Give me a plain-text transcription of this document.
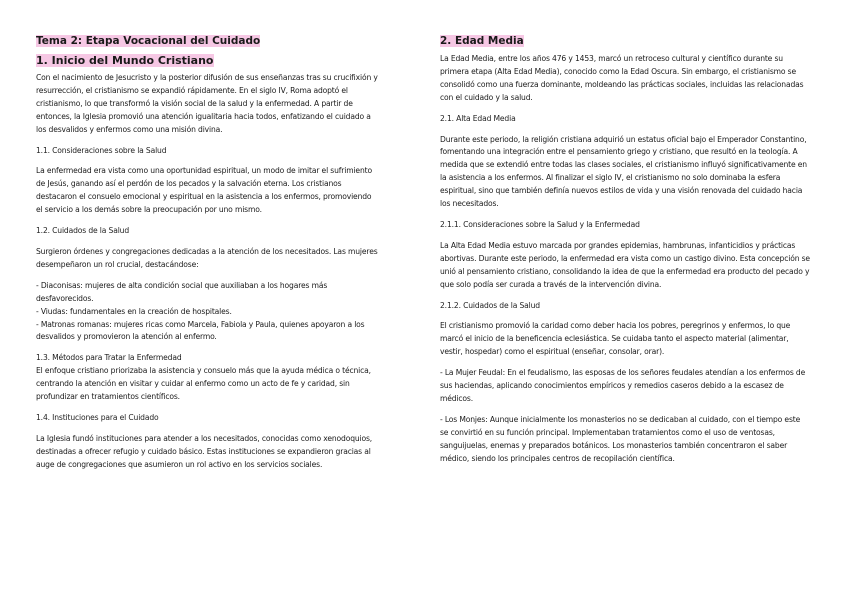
Tema 2: Etapa Vocacional del Cuidado
1. Inicio del Mundo Cristiano

Con el nacimiento de Jesucristo y la posterior difusión de sus enseñanzas tras su crucifixión y resurrección, el cristianismo se expandió rápidamente. En el siglo IV, Roma adoptó el cristianismo, lo que transformó la visión social de la salud y la enfermedad. A partir de entonces, la Iglesia promovió una atención igualitaria hacia todos, enfatizando el cuidado a los desvalidos y enfermos como una misión divina.

1.1. Consideraciones sobre la Salud

La enfermedad era vista como una oportunidad espiritual, un modo de imitar el sufrimiento de Jesús, ganando así el perdón de los pecados y la salvación eterna. Los cristianos destacaron el consuelo emocional y espiritual en la asistencia a los enfermos, promoviendo el servicio a los demás sobre la preocupación por uno mismo.

1.2. Cuidados de la Salud

Surgieron órdenes y congregaciones dedicadas a la atención de los necesitados. Las mujeres desempeñaron un rol crucial, destacándose:

- Diaconisas: mujeres de alta condición social que auxiliaban a los hogares más desfavorecidos.
- Viudas: fundamentales en la creación de hospitales.
- Matronas romanas: mujeres ricas como Marcela, Fabiola y Paula, quienes apoyaron a los desvalidos y promovieron la atención al enfermo.
1.3. Métodos para Tratar la Enfermedad

El enfoque cristiano priorizaba la asistencia y consuelo más que la ayuda médica o técnica, centrando la atención en visitar y cuidar al enfermo como un acto de fe y caridad, sin profundizar en tratamientos científicos.

1.4. Instituciones para el Cuidado

La Iglesia fundó instituciones para atender a los necesitados, conocidas como xenodoquios, destinadas a ofrecer refugio y cuidado básico. Estas instituciones se expandieron gracias al auge de congregaciones que asumieron un rol activo en los servicios sociales.

2. Edad Media

La Edad Media, entre los años 476 y 1453, marcó un retroceso cultural y científico durante su primera etapa (Alta Edad Media), conocido como la Edad Oscura. Sin embargo, el cristianismo se consolidó como una fuerza dominante, moldeando las prácticas sociales, incluidas las relacionadas con el cuidado y la salud.

2.1. Alta Edad Media

Durante este periodo, la religión cristiana adquirió un estatus oficial bajo el Emperador Constantino, fomentando una integración entre el pensamiento griego y cristiano, que resultó en la teología. A medida que se extendió entre todas las clases sociales, el cristianismo influyó significativamente en la asistencia a los enfermos. Al finalizar el siglo IV, el cristianismo no solo dominaba la esfera espiritual, sino que también definía nuevos estilos de vida y una visión renovada del cuidado hacia los necesitados.

2.1.1. Consideraciones sobre la Salud y la Enfermedad

La Alta Edad Media estuvo marcada por grandes epidemias, hambrunas, infanticidios y prácticas abortivas. Durante este periodo, la enfermedad era vista como un castigo divino. Esta concepción se unió al pensamiento cristiano, consolidando la idea de que la enfermedad era producto del pecado y que solo podía ser curada a través de la intervención divina.

2.1.2. Cuidados de la Salud

El cristianismo promovió la caridad como deber hacia los pobres, peregrinos y enfermos, lo que marcó el inicio de la beneficencia eclesiástica. Se cuidaba tanto el aspecto material (alimentar, vestir, hospedar) como el espiritual (enseñar, consolar, orar).

- La Mujer Feudal: En el feudalismo, las esposas de los señores feudales atendían a los enfermos de sus haciendas, aplicando conocimientos empíricos y remedios caseros debido a la escasez de médicos.

- Los Monjes: Aunque inicialmente los monasterios no se dedicaban al cuidado, con el tiempo este se convirtió en su función principal. Implementaban tratamientos como el uso de ventosas, sanguijuelas, enemas y preparados botánicos. Los monasterios también concentraron el saber médico, siendo los principales centros de recopilación científica.
